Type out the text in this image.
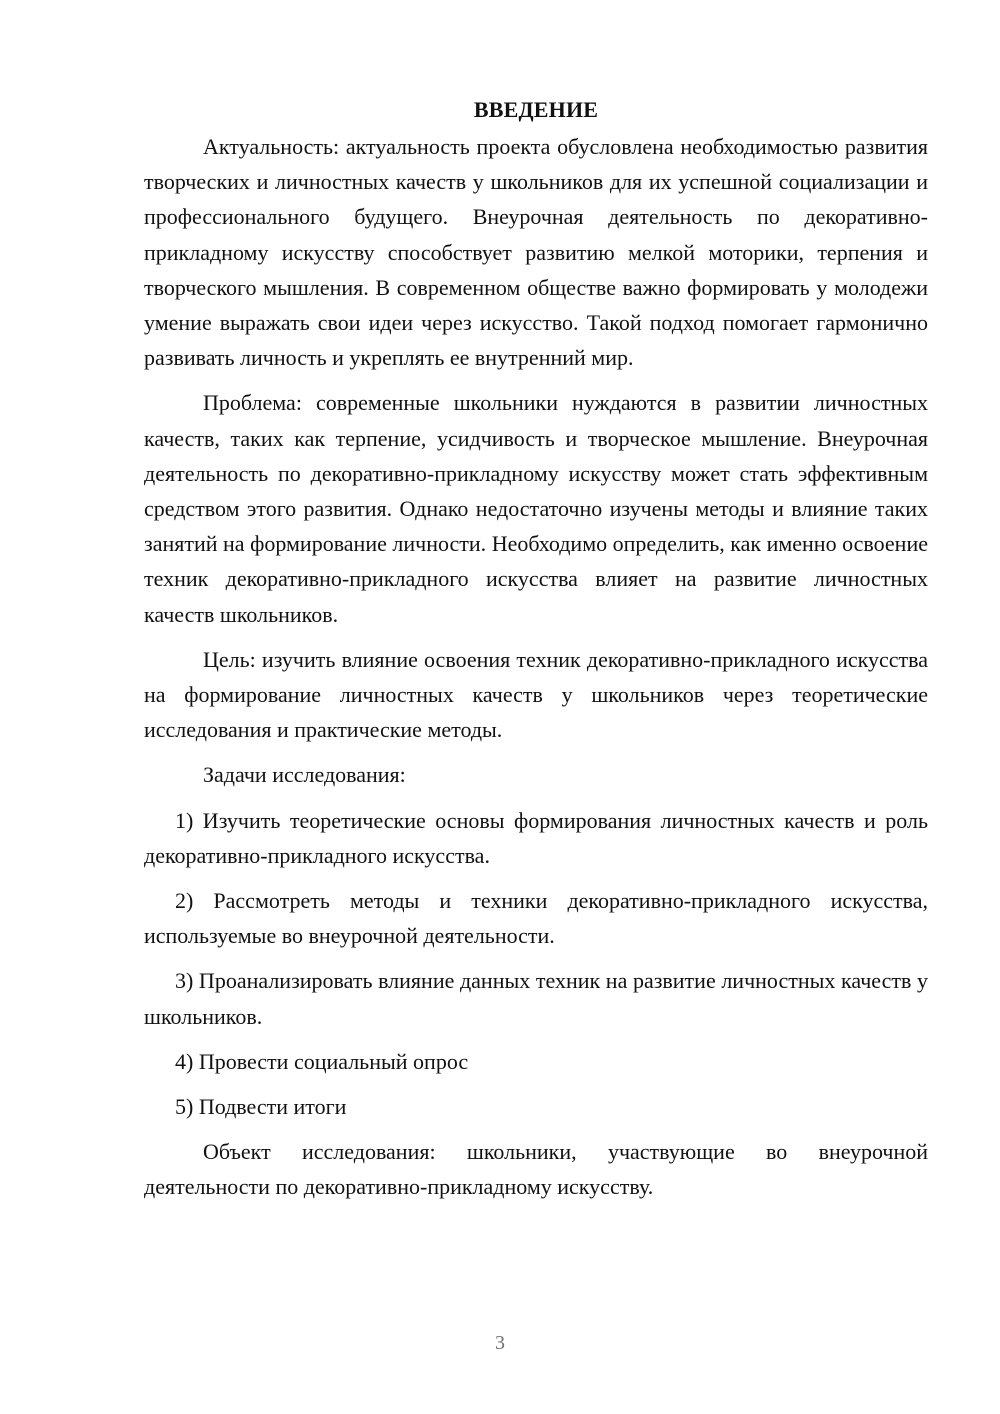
ВВЕДЕНИЕ

Актуальность: актуальность проекта обусловлена необходимостью развития творческих и личностных качеств у школьников для их успешной социализации и профессионального будущего. Внеурочная деятельность по декоративно-прикладному искусству способствует развитию мелкой моторики, терпения и творческого мышления. В современном обществе важно формировать у молодежи умение выражать свои идеи через искусство. Такой подход помогает гармонично развивать личность и укреплять ее внутренний мир.

Проблема: современные школьники нуждаются в развитии личностных качеств, таких как терпение, усидчивость и творческое мышление. Внеурочная деятельность по декоративно-прикладному искусству может стать эффективным средством этого развития. Однако недостаточно изучены методы и влияние таких занятий на формирование личности. Необходимо определить, как именно освоение техник декоративно-прикладного искусства влияет на развитие личностных качеств школьников.

Цель: изучить влияние освоения техник декоративно-прикладного искусства на формирование личностных качеств у школьников через теоретические исследования и практические методы.

Задачи исследования:

1) Изучить теоретические основы формирования личностных качеств и роль декоративно-прикладного искусства.

2) Рассмотреть методы и техники декоративно-прикладного искусства, используемые во внеурочной деятельности.

3) Проанализировать влияние данных техник на развитие личностных качеств у школьников.

4) Провести социальный опрос

5) Подвести итоги

Объект исследования: школьники, участвующие во внеурочной деятельности по декоративно-прикладному искусству.

3
